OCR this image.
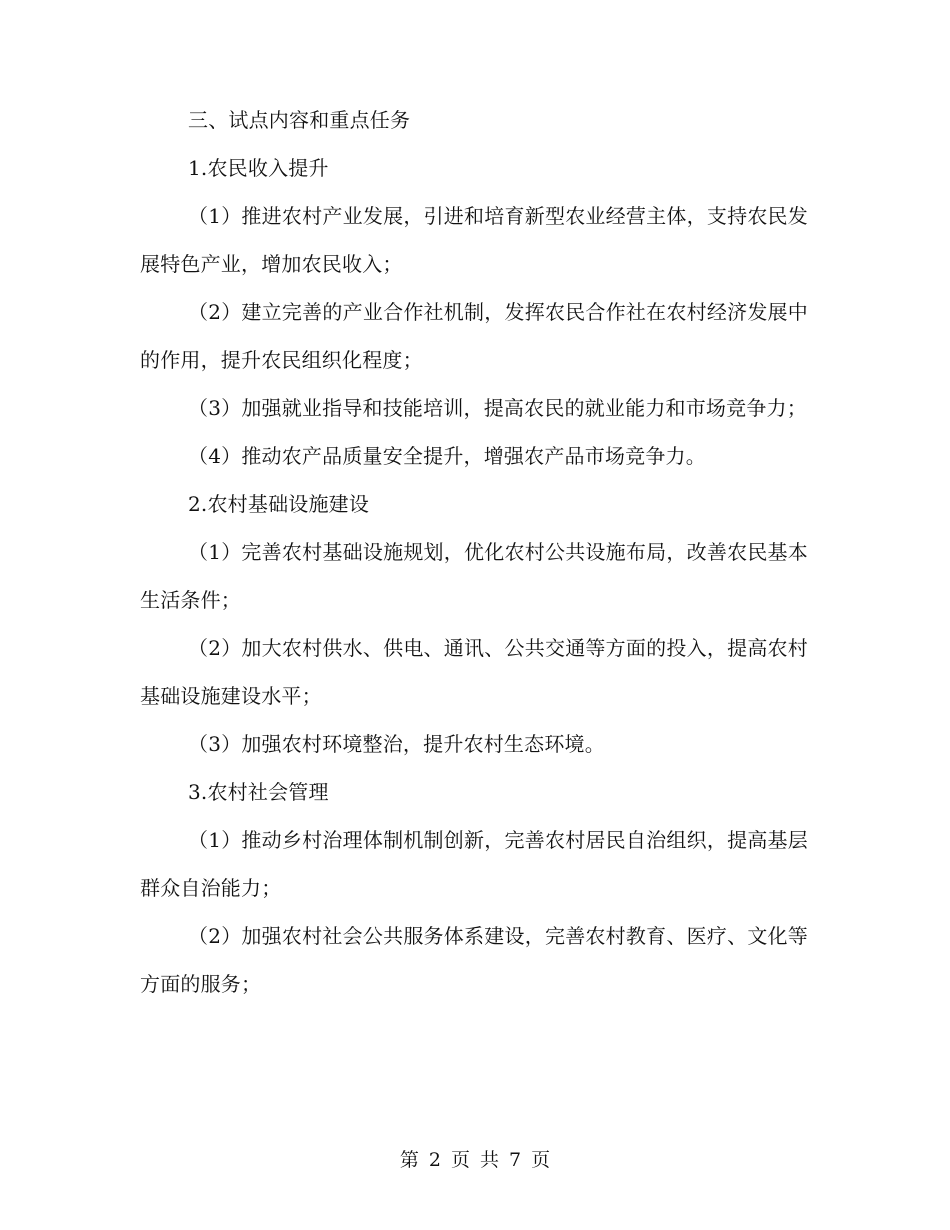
三、试点内容和重点任务

1.农民收入提升

（1）推进农村产业发展，引进和培育新型农业经营主体，支持农民发展特色产业，增加农民收入；

（2）建立完善的产业合作社机制，发挥农民合作社在农村经济发展中的作用，提升农民组织化程度；

（3）加强就业指导和技能培训，提高农民的就业能力和市场竞争力；

（4）推动农产品质量安全提升，增强农产品市场竞争力。

2.农村基础设施建设

（1）完善农村基础设施规划，优化农村公共设施布局，改善农民基本生活条件；

（2）加大农村供水、供电、通讯、公共交通等方面的投入，提高农村基础设施建设水平；

（3）加强农村环境整治，提升农村生态环境。

3.农村社会管理

（1）推动乡村治理体制机制创新，完善农村居民自治组织，提高基层群众自治能力；

（2）加强农村社会公共服务体系建设，完善农村教育、医疗、文化等方面的服务；

第 2 页 共 7 页
